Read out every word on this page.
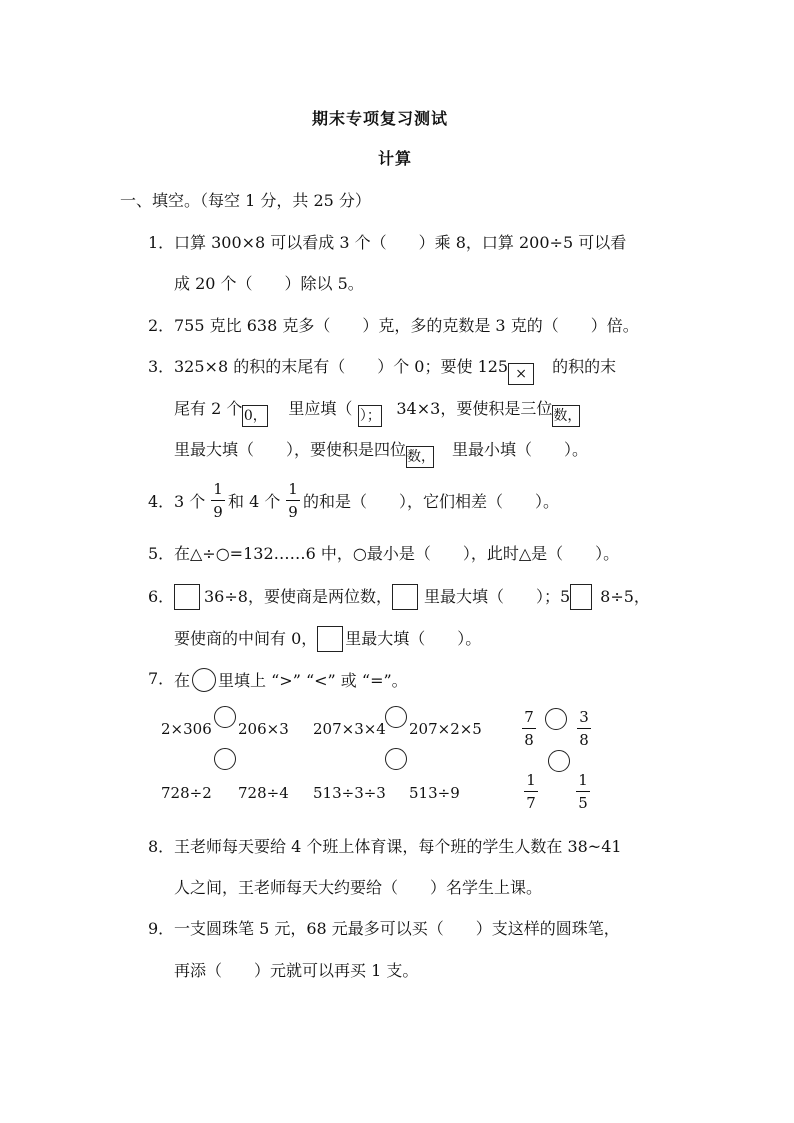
期末专项复习测试
计算
一、填空。（每空 1 分，共 25 分）
1． 口算 300×8 可以看成 3 个（　　）乘 8，口算 200÷5 可以看
成 20 个（　　）除以 5。
2． 755 克比 638 克多（　　）克，多的克数是 3 克的（　　）倍。
3． 325×8 的积的末尾有（　　）个 0；要使 125 × 的积的末
尾有 2 个 0， 里应填（ ）； 34×3，要使积是三位数，
里最大填（　　），要使积是四位数， 里最小填（　　）。
4． 3 个
1
9
和 4 个
1
9
的和是（　　），它们相差（　　）。
5． 在△÷○=132……6 中，○最小是（　　），此时△是（　　）。
6．	36÷8，要使商是两位数， 里最大填（　　）；5 8÷5，
要使商的中间有 0， 里最大填（　　）。
7． 在 里填上 “>” “<” 或 “=”。
2×306 206×3 207×3×4 207×2×5
7
8
3
8
728÷2 728÷4 513÷3÷3 513÷9
1
7
1
5
8． 王老师每天要给 4 个班上体育课，每个班的学生人数在 38~41
人之间，王老师每天大约要给（　　）名学生上课。
9． 一支圆珠笔 5 元，68 元最多可以买（　　）支这样的圆珠笔，
再添（　　）元就可以再买 1 支。
